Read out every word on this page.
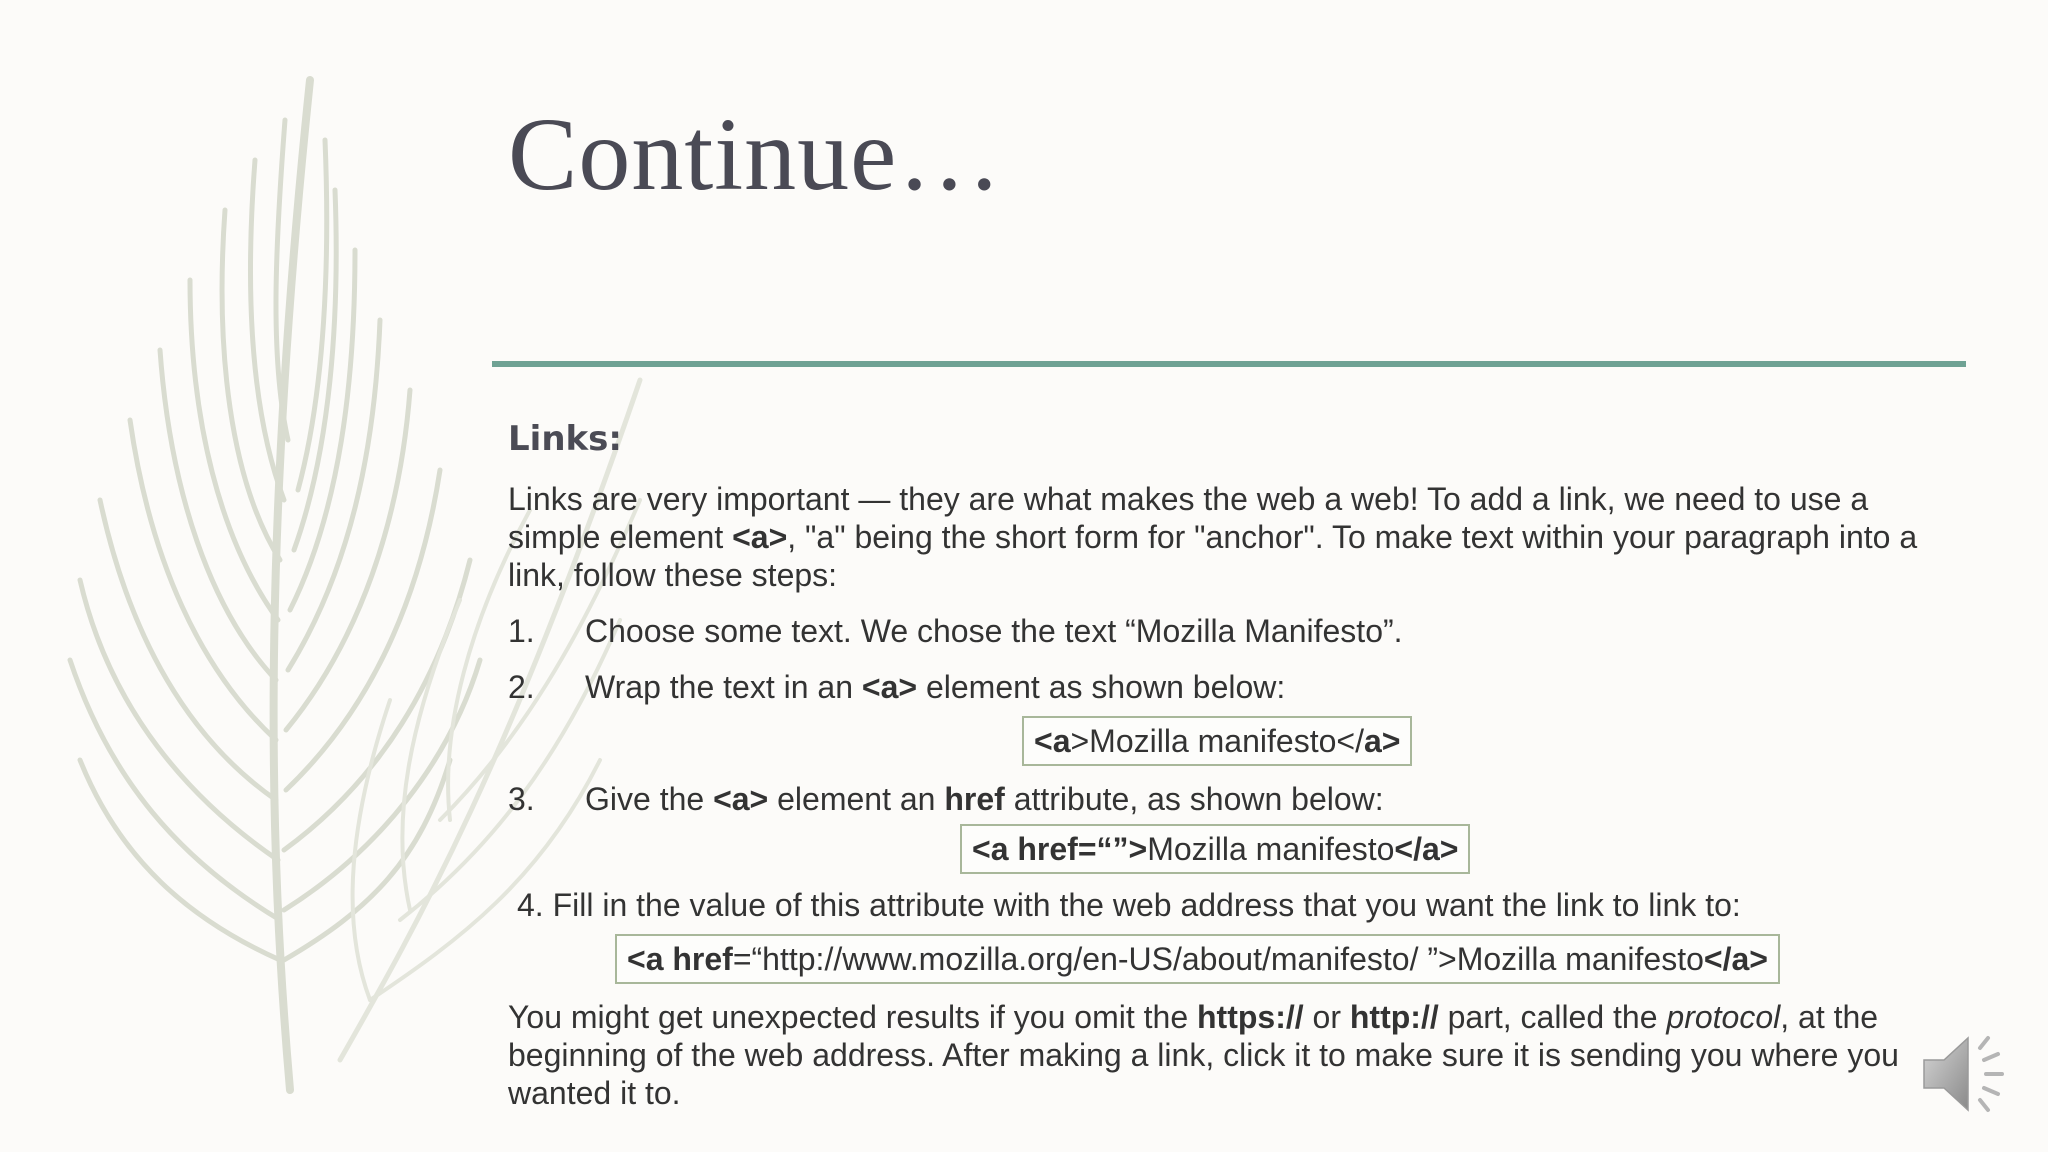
Continue…
Links:

Links are very important — they are what makes the web a web! To add a link, we need to use a simple element <a>, "a" being the short form for "anchor". To make text within your paragraph into a link, follow these steps:

1.	Choose some text. We chose the text “Mozilla Manifesto”.
2.	Wrap the text in an <a> element as shown below:
<a>Mozilla manifesto</a>
3.	Give the <a> element an href attribute, as shown below:
<a href=“”>Mozilla manifesto</a>

4. Fill in the value of this attribute with the web address that you want the link to link to:

<a href=“http://www.mozilla.org/en-US/about/manifesto/ ”>Mozilla manifesto</a>

You might get unexpected results if you omit the https:// or http:// part, called the protocol, at the beginning of the web address. After making a link, click it to make sure it is sending you where you wanted it to.
